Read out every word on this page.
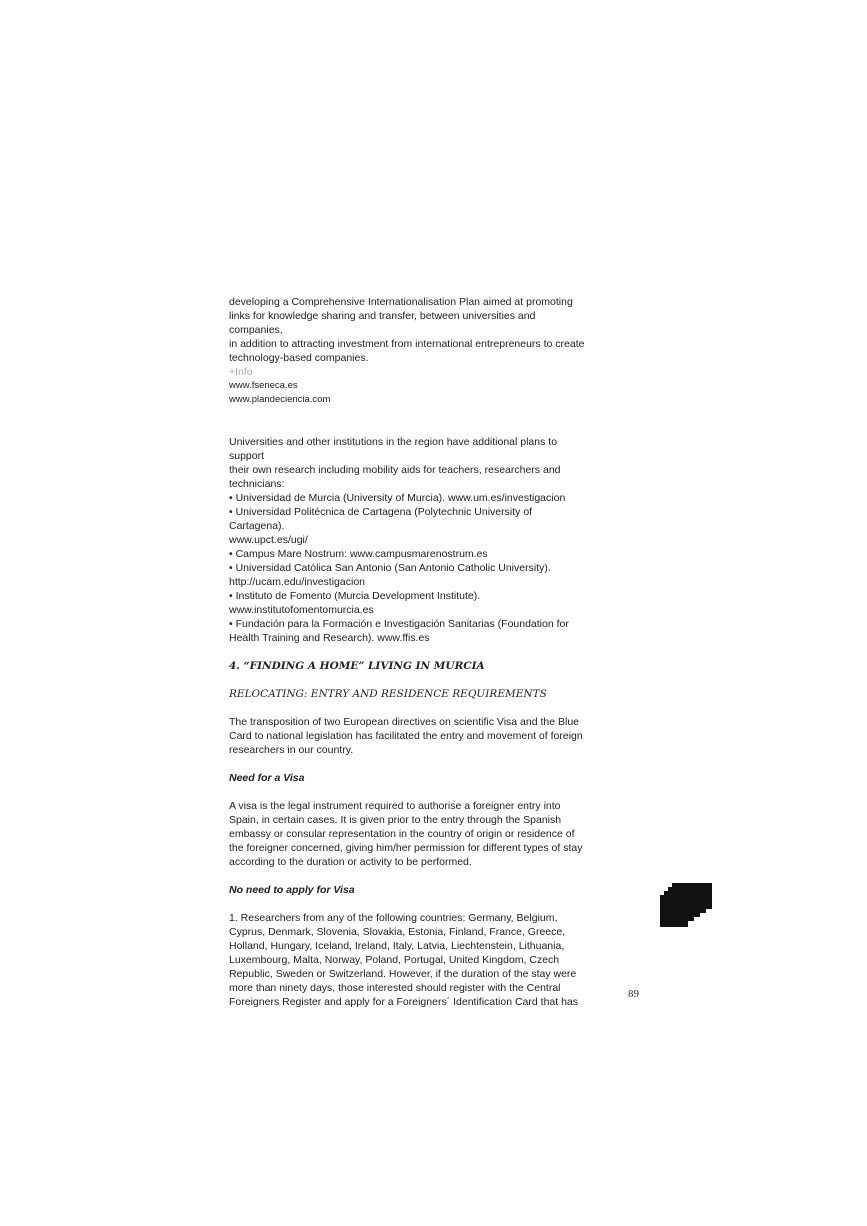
developing a Comprehensive Internationalisation Plan aimed at promoting

links for knowledge sharing and transfer, between universities and companies,

in addition to attracting investment from international entrepreneurs to create

technology-based companies.

+Info

www.fseneca.es

www.plandeciencia.com

Universities and other institutions in the region have additional plans to support

their own research including mobility aids for teachers, researchers and

technicians:

• Universidad de Murcia (University of Murcia). www.um.es/investigacion

• Universidad Politécnica de Cartagena (Polytechnic University of Cartagena).

www.upct.es/ugi/

• Campus Mare Nostrum: www.campusmarenostrum.es

• Universidad Católica San Antonio (San Antonio Catholic University).

http://ucam.edu/investigacion

• Instituto de Fomento (Murcia Development Institute).

www.institutofomentomurcia.es

• Fundación para la Formación e Investigación Sanitarias (Foundation for

Health Training and Research). www.ffis.es

4. “FINDING A HOME” LIVING IN MURCIA

RELOCATING: ENTRY AND RESIDENCE REQUIREMENTS

The transposition of two European directives on scientific Visa and the Blue

Card to national legislation has facilitated the entry and movement of foreign

researchers in our country.

Need for a Visa

A visa is the legal instrument required to authorise a foreigner entry into

Spain, in certain cases. It is given prior to the entry through the Spanish

embassy or consular representation in the country of origin or residence of

the foreigner concerned, giving him/her permission for different types of stay

according to the duration or activity to be performed.

No need to apply for Visa

1. Researchers from any of the following countries: Germany, Belgium,

Cyprus, Denmark, Slovenia, Slovakia, Estonia, Finland, France, Greece,

Holland, Hungary, Iceland, Ireland, Italy, Latvia, Liechtenstein, Lithuania,

Luxembourg, Malta, Norway, Poland, Portugal, United Kingdom, Czech

Republic, Sweden or Switzerland. However, if the duration of the stay were

more than ninety days, those interested should register with the Central

Foreigners Register and apply for a Foreigners´ Identification Card that has

89
